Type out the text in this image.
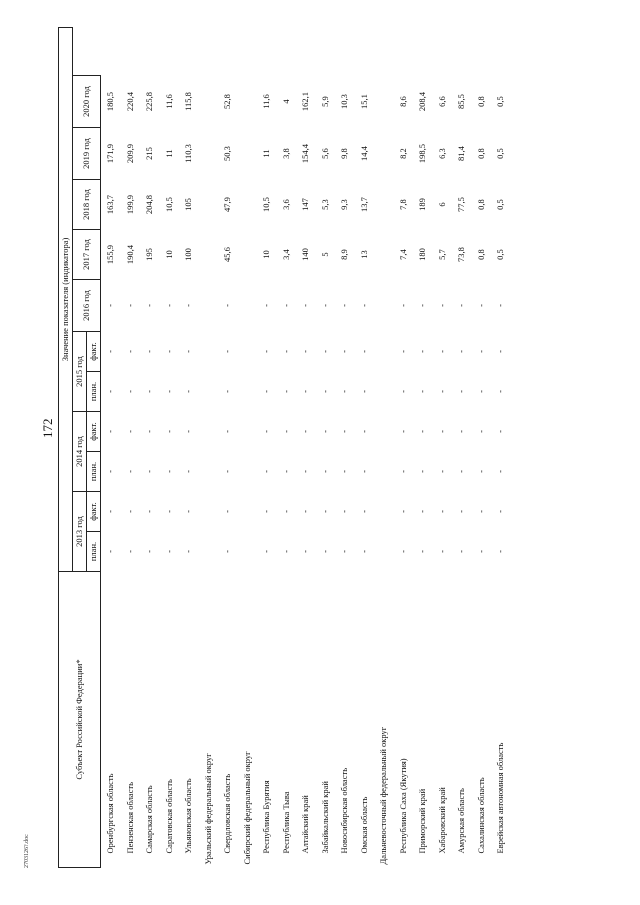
172
2703126?.doc
Субъект Российской Федерации*	Значение показателя (индикатора)										
	2013 год		2014 год		2015 год		2016 год	2017 год	2018 год	2019 год	2020 год
	план.	факт.	план.	факт.	план.	факт.					
Оренбургская область	-	-	-	-	-	-	-	155,9	163,7	171,9	180,5
Пензенская область	-	-	-	-	-	-	-	190,4	199,9	209,9	220,4
Самарская область	-	-	-	-	-	-	-	195	204,8	215	225,8
Саратовская область	-	-	-	-	-	-	-	10	10,5	11	11,6
Ульяновская область	-	-	-	-	-	-	-	100	105	110,3	115,8
Уральский федеральный округ											
Свердловская область	-	-	-	-	-	-	-	45,6	47,9	50,3	52,8
Сибирский федеральный округ											
Республика Бурятия	-	-	-	-	-	-	-	10	10,5	11	11,6
Республика Тыва	-	-	-	-	-	-	-	3,4	3,6	3,8	4
Алтайский край	-	-	-	-	-	-	-	140	147	154,4	162,1
Забайкальский край	-	-	-	-	-	-	-	5	5,3	5,6	5,9
Новосибирская область	-	-	-	-	-	-	-	8,9	9,3	9,8	10,3
Омская область	-	-	-	-	-	-	-	13	13,7	14,4	15,1
Дальневосточный федеральный округ											
Республика Саха (Якутия)	-	-	-	-	-	-	-	7,4	7,8	8,2	8,6
Приморский край	-	-	-	-	-	-	-	180	189	198,5	208,4
Хабаровский край	-	-	-	-	-	-	-	5,7	6	6,3	6,6
Амурская область	-	-	-	-	-	-	-	73,8	77,5	81,4	85,5
Сахалинская область	-	-	-	-	-	-	-	0,8	0,8	0,8	0,8
Еврейская автономная область	-	-	-	-	-	-	-	0,5	0,5	0,5	0,5
